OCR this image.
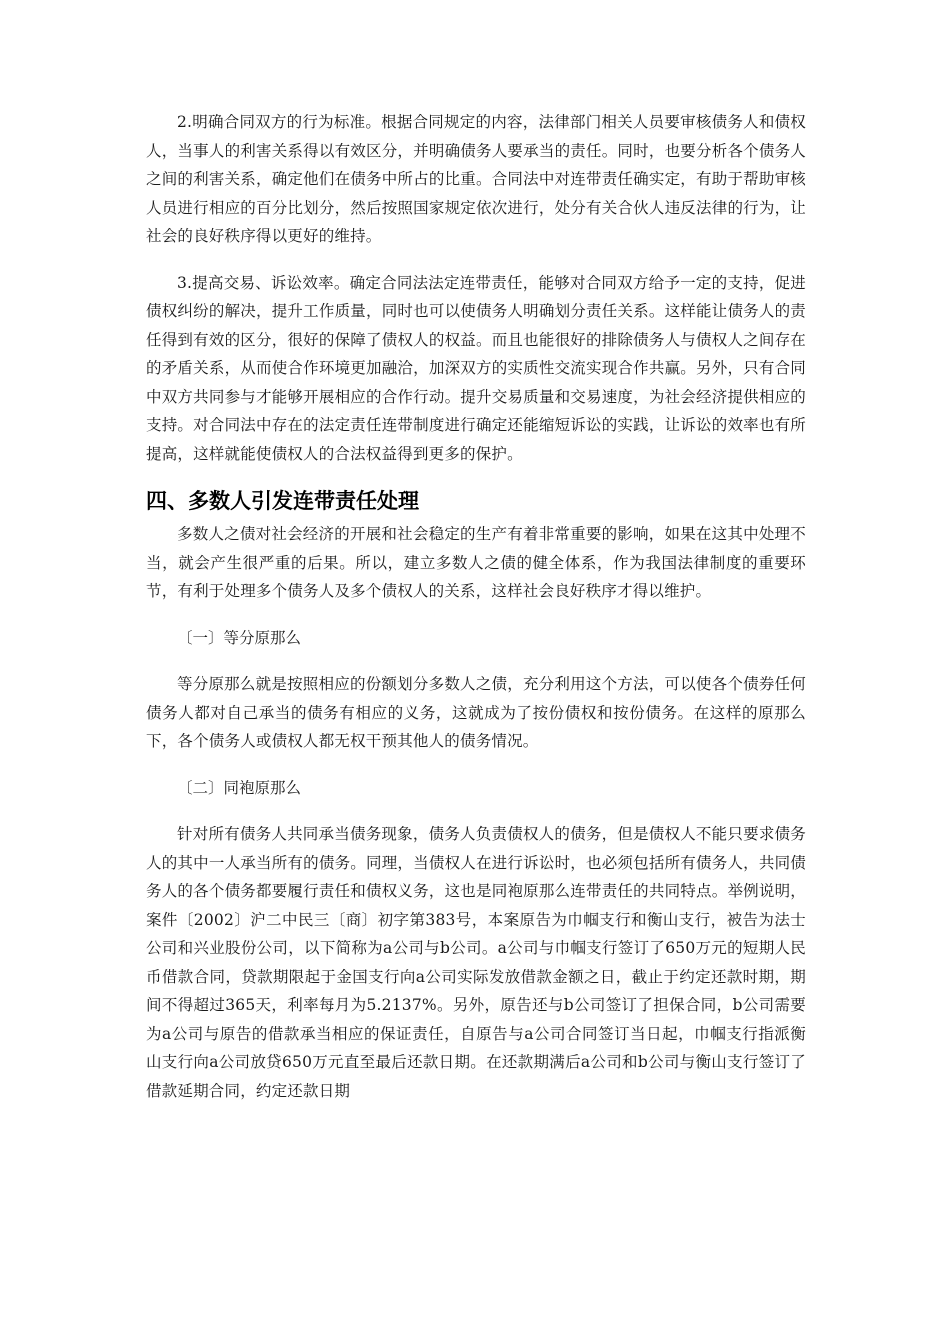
2.明确合同双方的行为标准。根据合同规定的内容，法律部门相关人员要审核债务人和债权人，当事人的利害关系得以有效区分，并明确债务人要承当的责任。同时，也要分析各个债务人之间的利害关系，确定他们在债务中所占的比重。合同法中对连带责任确实定，有助于帮助审核人员进行相应的百分比划分，然后按照国家规定依次进行，处分有关合伙人违反法律的行为，让社会的良好秩序得以更好的维持。

3.提高交易、诉讼效率。确定合同法法定连带责任，能够对合同双方给予一定的支持，促进债权纠纷的解决，提升工作质量，同时也可以使债务人明确划分责任关系。这样能让债务人的责任得到有效的区分，很好的保障了债权人的权益。而且也能很好的排除债务人与债权人之间存在的矛盾关系，从而使合作环境更加融洽，加深双方的实质性交流实现合作共赢。另外，只有合同中双方共同参与才能够开展相应的合作行动。提升交易质量和交易速度，为社会经济提供相应的支持。对合同法中存在的法定责任连带制度进行确定还能缩短诉讼的实践，让诉讼的效率也有所提高，这样就能使债权人的合法权益得到更多的保护。

四、多数人引发连带责任处理

多数人之债对社会经济的开展和社会稳定的生产有着非常重要的影响，如果在这其中处理不当，就会产生很严重的后果。所以，建立多数人之债的健全体系，作为我国法律制度的重要环节，有利于处理多个债务人及多个债权人的关系，这样社会良好秩序才得以维护。

〔一〕等分原那么

等分原那么就是按照相应的份额划分多数人之债，充分利用这个方法，可以使各个债券任何债务人都对自己承当的债务有相应的义务，这就成为了按份债权和按份债务。在这样的原那么下，各个债务人或债权人都无权干预其他人的债务情况。

〔二〕同袍原那么

针对所有债务人共同承当债务现象，债务人负责债权人的债务，但是债权人不能只要求债务人的其中一人承当所有的债务。同理，当债权人在进行诉讼时，也必须包括所有债务人，共同债务人的各个债务都要履行责任和债权义务，这也是同袍原那么连带责任的共同特点。举例说明，案件〔2002〕沪二中民三〔商〕初字第383号，本案原告为巾帼支行和衡山支行，被告为法士公司和兴业股份公司，以下简称为a公司与b公司。a公司与巾帼支行签订了650万元的短期人民币借款合同，贷款期限起于金国支行向a公司实际发放借款金额之日，截止于约定还款时期，期间不得超过365天，利率每月为5.2137%。另外，原告还与b公司签订了担保合同，b公司需要为a公司与原告的借款承当相应的保证责任，自原告与a公司合同签订当日起，巾帼支行指派衡山支行向a公司放贷650万元直至最后还款日期。在还款期满后a公司和b公司与衡山支行签订了借款延期合同，约定还款日期
